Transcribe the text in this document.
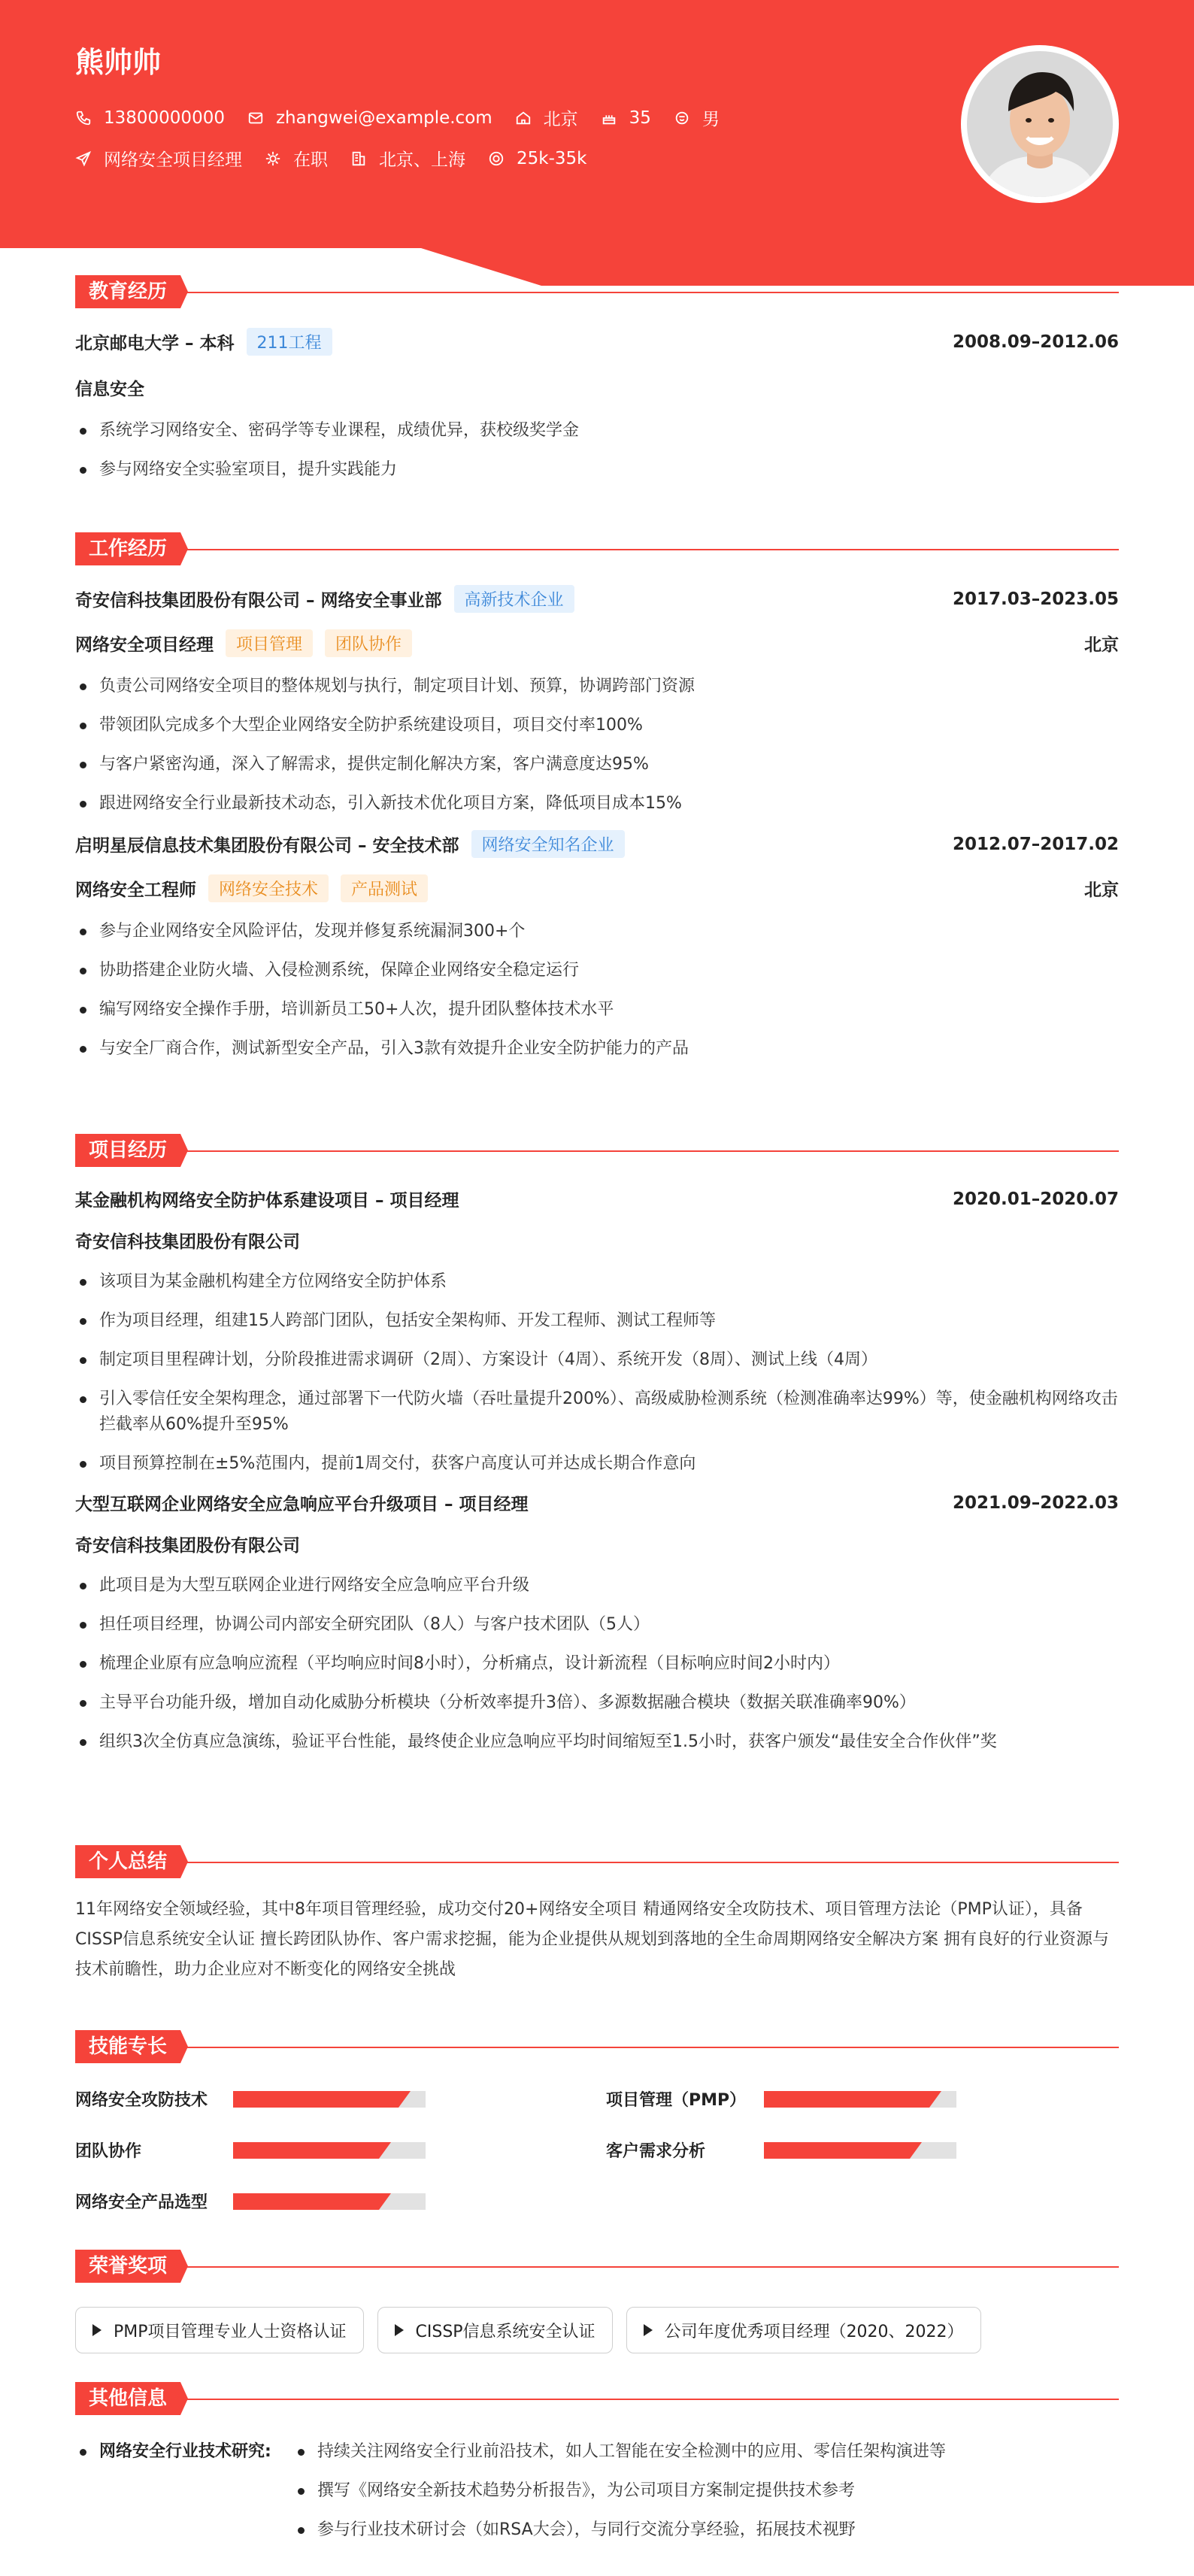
熊帅帅
13800000000	zhangwei@example.com	北京	35	男
网络安全项目经理	在职	北京、上海	25k-35k
教育经历
北京邮电大学 – 本科	211工程	2008.09–2012.06
信息安全
系统学习网络安全、密码学等专业课程，成绩优异，获校级奖学金
参与网络安全实验室项目，提升实践能力
工作经历
奇安信科技集团股份有限公司 – 网络安全事业部	高新技术企业	2017.03–2023.05
网络安全项目经理	项目管理	团队协作	北京
负责公司网络安全项目的整体规划与执行，制定项目计划、预算，协调跨部门资源
带领团队完成多个大型企业网络安全防护系统建设项目，项目交付率100%
与客户紧密沟通，深入了解需求，提供定制化解决方案，客户满意度达95%
跟进网络安全行业最新技术动态，引入新技术优化项目方案，降低项目成本15%
启明星辰信息技术集团股份有限公司 – 安全技术部	网络安全知名企业	2012.07–2017.02
网络安全工程师	网络安全技术	产品测试	北京
参与企业网络安全风险评估，发现并修复系统漏洞300+个
协助搭建企业防火墙、入侵检测系统，保障企业网络安全稳定运行
编写网络安全操作手册，培训新员工50+人次，提升团队整体技术水平
与安全厂商合作，测试新型安全产品，引入3款有效提升企业安全防护能力的产品
项目经历
某金融机构网络安全防护体系建设项目 – 项目经理	2020.01–2020.07
奇安信科技集团股份有限公司
该项目为某金融机构建全方位网络安全防护体系
作为项目经理，组建15人跨部门团队，包括安全架构师、开发工程师、测试工程师等
制定项目里程碑计划，分阶段推进需求调研（2周）、方案设计（4周）、系统开发（8周）、测试上线（4周）
引入零信任安全架构理念，通过部署下一代防火墙（吞吐量提升200%）、高级威胁检测系统（检测准确率达99%）等，使金融机构网络攻击拦截率从60%提升至95%
项目预算控制在±5%范围内，提前1周交付，获客户高度认可并达成长期合作意向
大型互联网企业网络安全应急响应平台升级项目 – 项目经理	2021.09–2022.03
奇安信科技集团股份有限公司
此项目是为大型互联网企业进行网络安全应急响应平台升级
担任项目经理，协调公司内部安全研究团队（8人）与客户技术团队（5人）
梳理企业原有应急响应流程（平均响应时间8小时），分析痛点，设计新流程（目标响应时间2小时内）
主导平台功能升级，增加自动化威胁分析模块（分析效率提升3倍）、多源数据融合模块（数据关联准确率90%）
组织3次全仿真应急演练，验证平台性能，最终使企业应急响应平均时间缩短至1.5小时，获客户颁发“最佳安全合作伙伴”奖
个人总结
11年网络安全领域经验，其中8年项目管理经验，成功交付20+网络安全项目 精通网络安全攻防技术、项目管理方法论（PMP认证），具备CISSP信息系统安全认证 擅长跨团队协作、客户需求挖掘，能为企业提供从规划到落地的全生命周期网络安全解决方案 拥有良好的行业资源与技术前瞻性，助力企业应对不断变化的网络安全挑战
技能专长
网络安全攻防技术	项目管理（PMP）
团队协作	客户需求分析
网络安全产品选型
荣誉奖项
PMP项目管理专业人士资格认证	CISSP信息系统安全认证	公司年度优秀项目经理（2020、2022）
其他信息
网络安全行业技术研究:	持续关注网络安全行业前沿技术，如人工智能在安全检测中的应用、零信任架构演进等
撰写《网络安全新技术趋势分析报告》，为公司项目方案制定提供技术参考
参与行业技术研讨会（如RSA大会），与同行交流分享经验，拓展技术视野
